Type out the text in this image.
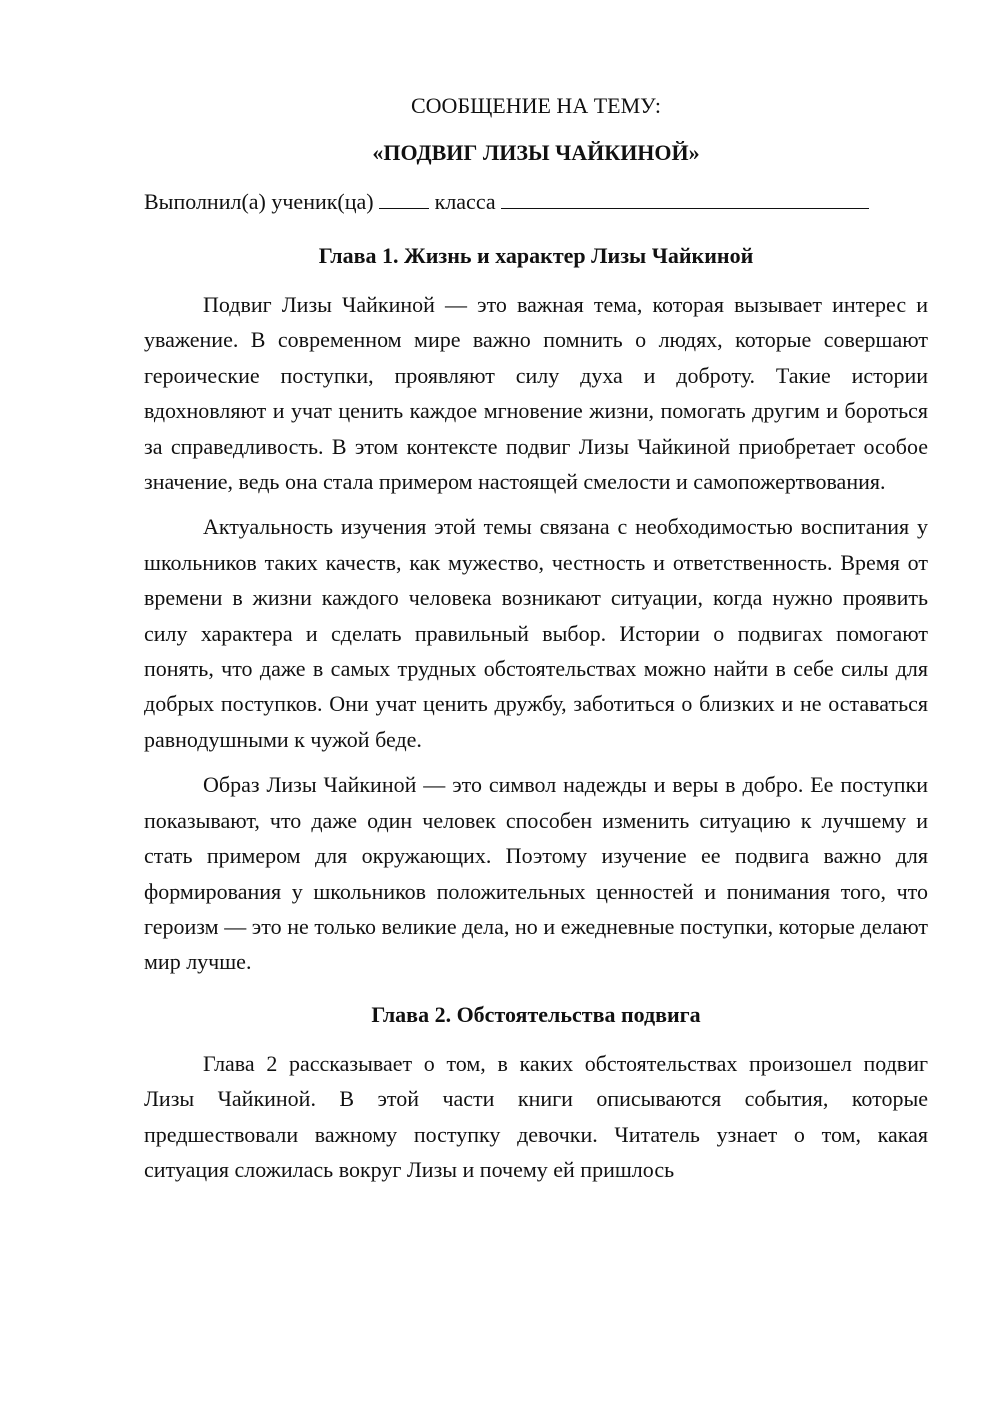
СООБЩЕНИЕ НА ТЕМУ:

«ПОДВИГ ЛИЗЫ ЧАЙКИНОЙ»

Выполнил(а) ученик(ца)	класса

Глава 1. Жизнь и характер Лизы Чайкиной

Подвиг Лизы Чайкиной — это важная тема, которая вызывает интерес и уважение. В современном мире важно помнить о людях, которые совершают героические поступки, проявляют силу духа и доброту. Такие истории вдохновляют и учат ценить каждое мгновение жизни, помогать другим и бороться за справедливость. В этом контексте подвиг Лизы Чайкиной приобретает особое значение, ведь она стала примером настоящей смелости и самопожертвования.

Актуальность изучения этой темы связана с необходимостью воспитания у школьников таких качеств, как мужество, честность и ответственность. Время от времени в жизни каждого человека возникают ситуации, когда нужно проявить силу характера и сделать правильный выбор. Истории о подвигах помогают понять, что даже в самых трудных обстоятельствах можно найти в себе силы для добрых поступков. Они учат ценить дружбу, заботиться о близких и не оставаться равнодушными к чужой беде.

Образ Лизы Чайкиной — это символ надежды и веры в добро. Ее поступки показывают, что даже один человек способен изменить ситуацию к лучшему и стать примером для окружающих. Поэтому изучение ее подвига важно для формирования у школьников положительных ценностей и понимания того, что героизм — это не только великие дела, но и ежедневные поступки, которые делают мир лучше.

Глава 2. Обстоятельства подвига

Глава 2 рассказывает о том, в каких обстоятельствах произошел подвиг Лизы Чайкиной. В этой части книги описываются события, которые предшествовали важному поступку девочки. Читатель узнает о том, какая ситуация сложилась вокруг Лизы и почему ей пришлось
